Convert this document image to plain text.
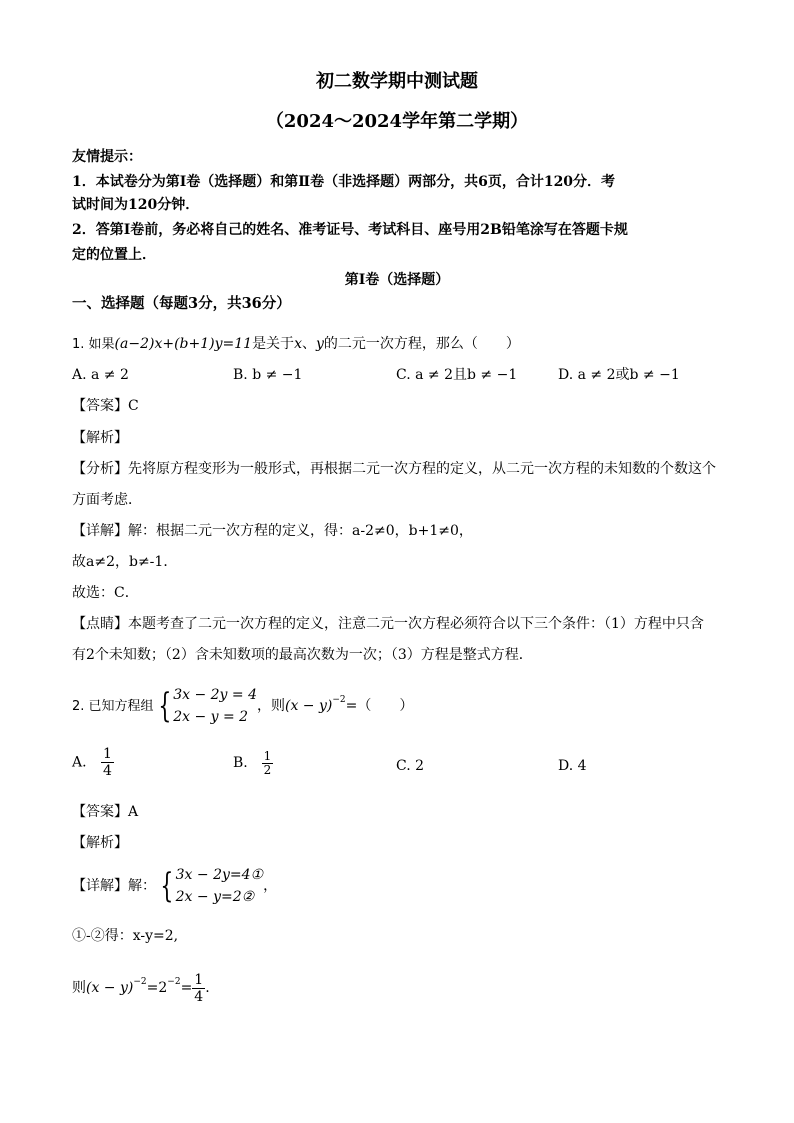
初二数学期中测试题
（2024～2024学年第二学期）
友情提示：
1．本试卷分为第Ⅰ卷（选择题）和第Ⅱ卷（非选择题）两部分，共6页，合计120分．考
试时间为120分钟．
2．答第Ⅰ卷前，务必将自己的姓名、准考证号、考试科目、座号用2B铅笔涂写在答题卡规
定的位置上．
第Ⅰ卷（选择题）
一、选择题（每题3分，共36分）
1. 如果(a−2)x+(b+1)y=11是关于x、y的二元一次方程，那么（　　）
A. a ≠ 2	B. b ≠ −1	C. a ≠ 2且b ≠ −1	D. a ≠ 2或b ≠ −1
【答案】C
【解析】
【分析】先将原方程变形为一般形式，再根据二元一次方程的定义，从二元一次方程的未知数的个数这个
方面考虑．
【详解】解：根据二元一次方程的定义，得：a-2≠0，b+1≠0，
故a≠2，b≠-1．
故选：C．
【点睛】本题考查了二元一次方程的定义，注意二元一次方程必须符合以下三个条件：（1）方程中只含
有2个未知数；（2）含未知数项的最高次数为一次；（3）方程是整式方程．
2. 已知方程组 { 3x − 2y = 4
2x − y = 2
，则$(x - y)^{-2}=$（　　）
A. $\frac{1}{4}$	B. $\frac{1}{2}$	C. 2	D. 4
【答案】A
【解析】
【详解】解： { 3x − 2y=4①
2x − y=2②
，
①-②得：x-y=2,
则$(x - y)^{-2}=2^{-2}= \frac{1}{4}$ .
